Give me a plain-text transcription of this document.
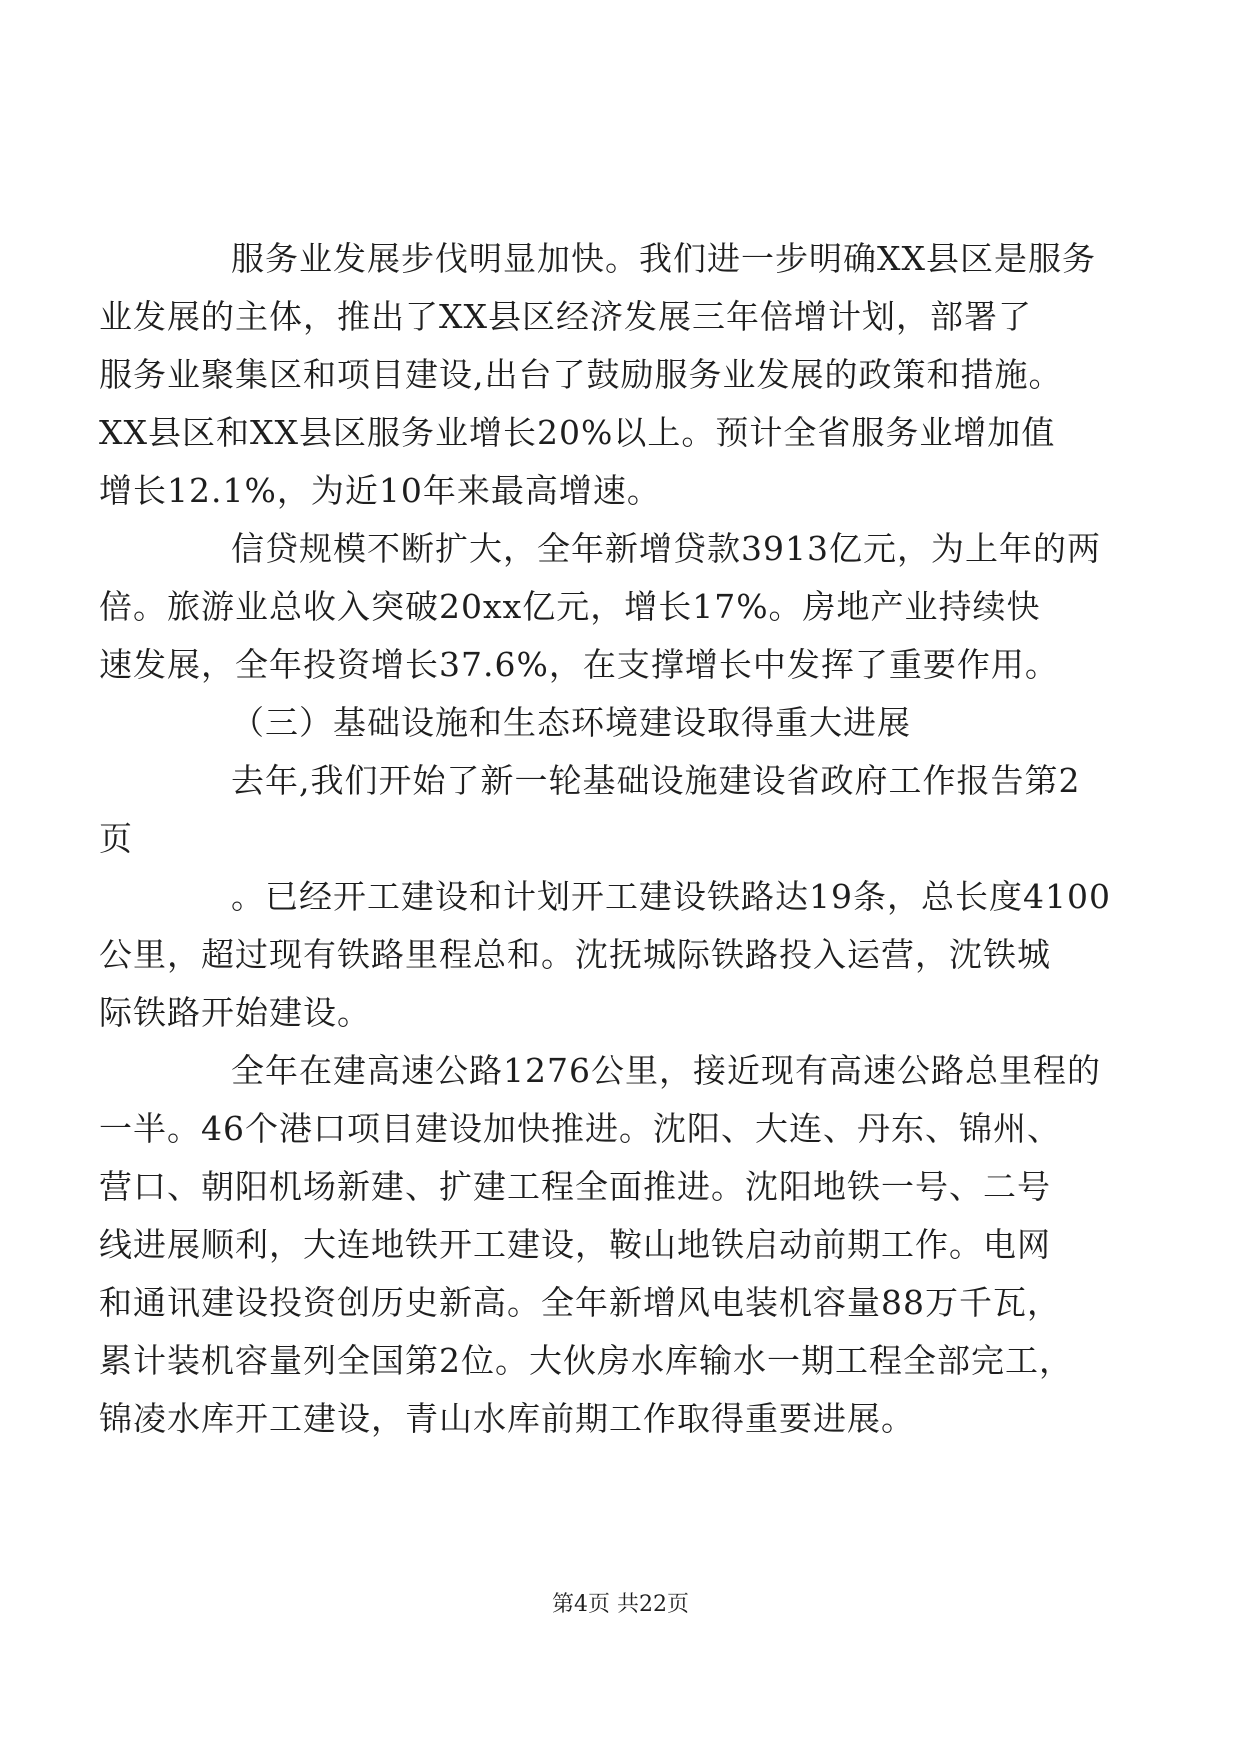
服务业发展步伐明显加快。我们进一步明确XX县区是服务
业发展的主体，推出了XX县区经济发展三年倍增计划，部署了
服务业聚集区和项目建设,出台了鼓励服务业发展的政策和措施。
XX县区和XX县区服务业增长20%以上。预计全省服务业增加值
增长12.1%，为近10年来最高增速。

信贷规模不断扩大，全年新增贷款3913亿元，为上年的两
倍。旅游业总收入突破20xx亿元，增长17%。房地产业持续快
速发展，全年投资增长37.6%，在支撑增长中发挥了重要作用。

（三）基础设施和生态环境建设取得重大进展

去年,我们开始了新一轮基础设施建设省政府工作报告第2
页

。已经开工建设和计划开工建设铁路达19条，总长度4100
公里，超过现有铁路里程总和。沈抚城际铁路投入运营，沈铁城
际铁路开始建设。

全年在建高速公路1276公里，接近现有高速公路总里程的
一半。46个港口项目建设加快推进。沈阳、大连、丹东、锦州、
营口、朝阳机场新建、扩建工程全面推进。沈阳地铁一号、二号
线进展顺利，大连地铁开工建设，鞍山地铁启动前期工作。电网
和通讯建设投资创历史新高。全年新增风电装机容量88万千瓦，
累计装机容量列全国第2位。大伙房水库输水一期工程全部完工，
锦凌水库开工建设，青山水库前期工作取得重要进展。

第4页 共22页
